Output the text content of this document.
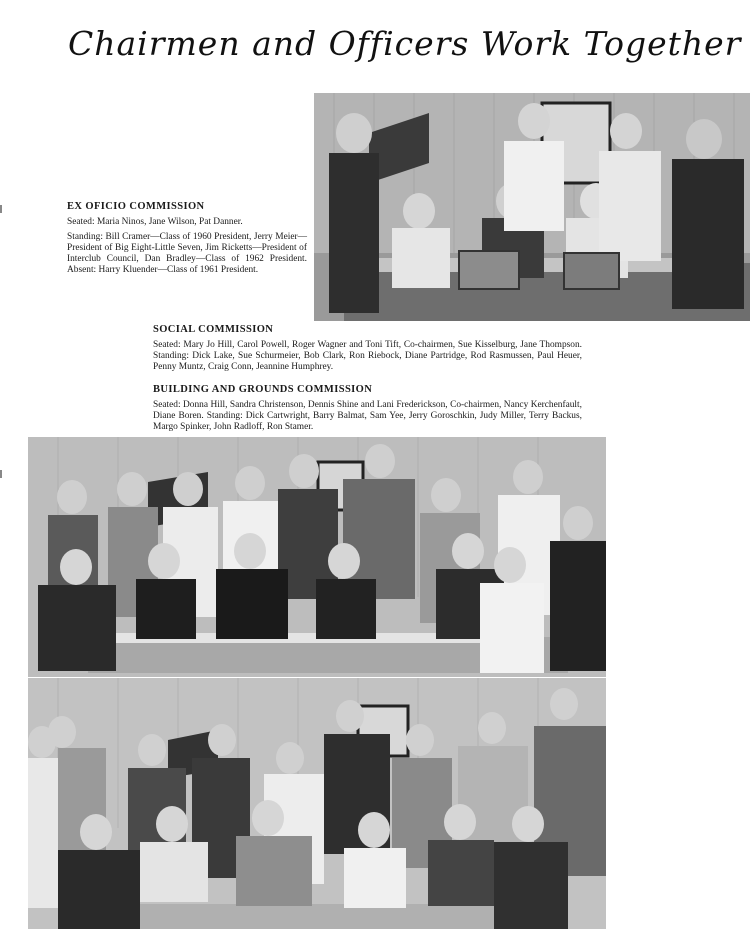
Chairmen and Officers Work Together
EX OFICIO COMMISSION

Seated: Maria Ninos, Jane Wilson, Pat Danner.

Standing: Bill Cramer—Class of 1960 President, Jerry Meier—President of Big Eight-Little Seven, Jim Ricketts—President of Interclub Council, Dan Bradley—Class of 1962 President. Absent: Harry Kluender—Class of 1961 President.

SOCIAL COMMISSION

Seated: Mary Jo Hill, Carol Powell, Roger Wagner and Toni Tift, Co-chairmen, Sue Kisselburg, Jane Thompson. Standing: Dick Lake, Sue Schurmeier, Bob Clark, Ron Riebock, Diane Partridge, Rod Rasmussen, Paul Heuer, Penny Muntz, Craig Conn, Jeannine Humphrey.

BUILDING AND GROUNDS COMMISSION

Seated: Donna Hill, Sandra Christenson, Dennis Shine and Lani Frederickson, Co-chairmen, Nancy Kerchenfault, Diane Boren. Standing: Dick Cartwright, Barry Balmat, Sam Yee, Jerry Goroschkin, Judy Miller, Terry Backus, Margo Spinker, John Radloff, Ron Stamer.
